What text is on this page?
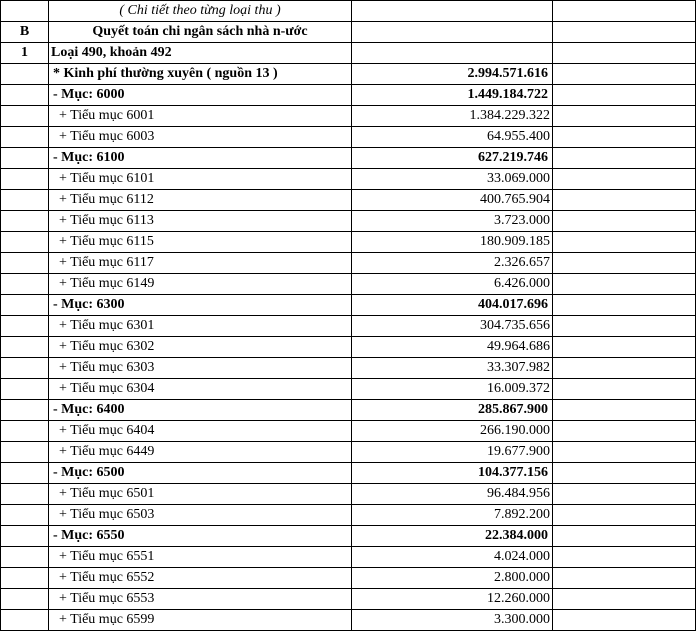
	( Chi tiết theo từng loại thu )		
B	Quyết toán chi ngân sách nhà n-ước		
1	Loại 490, khoản 492		
	* Kinh phí thường xuyên ( nguồn 13 )	2.994.571.616	
	- Mục: 6000	1.449.184.722	
	+ Tiểu mục 6001	1.384.229.322	
	+ Tiểu mục 6003	64.955.400	
	- Mục: 6100	627.219.746	
	+ Tiểu mục 6101	33.069.000	
	+ Tiểu mục 6112	400.765.904	
	+ Tiểu mục 6113	3.723.000	
	+ Tiểu mục 6115	180.909.185	
	+ Tiểu mục 6117	2.326.657	
	+ Tiểu mục 6149	6.426.000	
	- Mục: 6300	404.017.696	
	+ Tiểu mục 6301	304.735.656	
	+ Tiểu mục 6302	49.964.686	
	+ Tiểu mục 6303	33.307.982	
	+ Tiểu mục 6304	16.009.372	
	- Mục: 6400	285.867.900	
	+ Tiểu mục 6404	266.190.000	
	+ Tiểu mục 6449	19.677.900	
	- Mục: 6500	104.377.156	
	+ Tiểu mục 6501	96.484.956	
	+ Tiểu mục 6503	7.892.200	
	- Mục: 6550	22.384.000	
	+ Tiểu mục 6551	4.024.000	
	+ Tiểu mục 6552	2.800.000	
	+ Tiểu mục 6553	12.260.000	
	+ Tiểu mục 6599	3.300.000	
